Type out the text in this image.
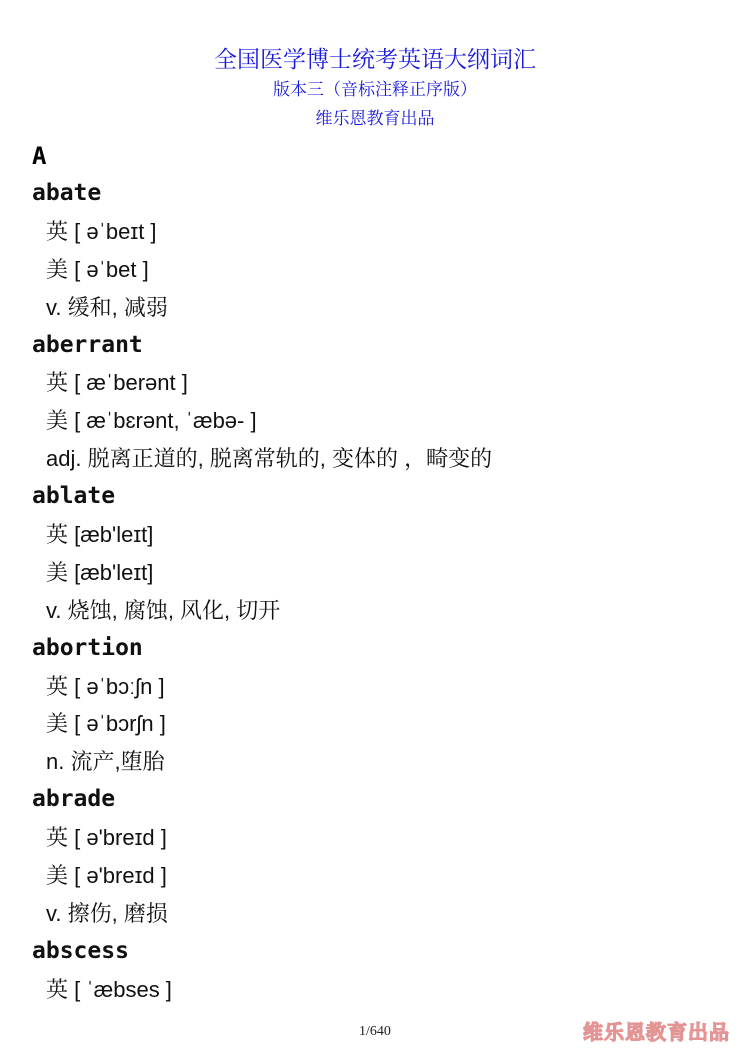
全国医学博士统考英语大纲词汇
版本三（音标注释正序版）
维乐恩教育出品
A
abate
英 [ əˈbeɪt ]
美 [ əˈbet ]
v. 缓和, 减弱
aberrant
英 [ æˈberənt ]
美 [ æˈbɛrənt, ˈæbə- ]
adj. 脱离正道的, 脱离常轨的, 变体的 ，畸变的
ablate
英 [æb'leɪt]
美 [æb'leɪt]
v. 烧蚀, 腐蚀, 风化, 切开
abortion
英 [ əˈbɔːʃn ]
美 [ əˈbɔrʃn ]
n. 流产,堕胎
abrade
英 [ ə'breɪd ]
美 [ ə'breɪd ]
v. 擦伤, 磨损
abscess
英 [ ˈæbses ]
1/640	维乐恩教育出品
